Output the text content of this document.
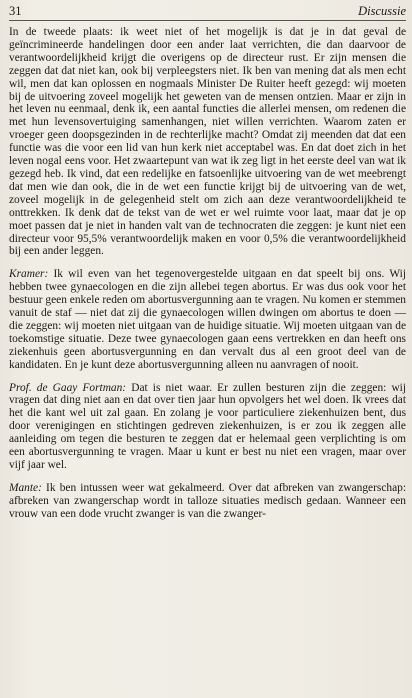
31	Discussie

In de tweede plaats: ik weet niet of het mogelijk is dat je in dat geval de geïncrimineerde handelingen door een ander laat verrichten, die dan daarvoor de verantwoordelijkheid krijgt die overigens op de directeur rust. Er zijn mensen die zeggen dat dat niet kan, ook bij verpleegsters niet. Ik ben van mening dat als men echt wil, men dat kan oplossen en nogmaals Minister De Ruiter heeft gezegd: wij moeten bij de uitvoering zoveel mogelijk het geweten van de mensen ontzien. Maar er zijn in het leven nu eenmaal, denk ik, een aantal functies die allerlei mensen, om redenen die met hun levensovertuiging samenhangen, niet willen verrichten. Waarom zaten er vroeger geen doopsgezinden in de rechterlijke macht? Omdat zij meenden dat dat een functie was die voor een lid van hun kerk niet acceptabel was. En dat doet zich in het leven nogal eens voor. Het zwaartepunt van wat ik zeg ligt in het eerste deel van wat ik gezegd heb. Ik vind, dat een redelijke en fatsoenlijke uitvoering van de wet meebrengt dat men wie dan ook, die in de wet een functie krijgt bij de uitvoering van de wet, zoveel mogelijk in de gelegenheid stelt om zich aan deze verantwoordelijkheid te onttrekken. Ik denk dat de tekst van de wet er wel ruimte voor laat, maar dat je op moet passen dat je niet in handen valt van de technocraten die zeggen: je kunt niet een directeur voor 95,5% verantwoordelijk maken en voor 0,5% die verantwoordelijkheid bij een ander leggen.

Kramer: Ik wil even van het tegenovergestelde uitgaan en dat speelt bij ons. Wij hebben twee gynaecologen en die zijn allebei tegen abortus. Er was dus ook voor het bestuur geen enkele reden om abortusvergunning aan te vragen. Nu komen er stemmen vanuit de staf — niet dat zij die gynaecologen willen dwingen om abortus te doen — die zeggen: wij moeten niet uitgaan van de huidige situatie. Wij moeten uitgaan van de toekomstige situatie. Deze twee gynaecologen gaan eens vertrekken en dan heeft ons ziekenhuis geen abortusvergunning en dan vervalt dus al een groot deel van de kandidaten. En je kunt deze abortusvergunning alleen nu aanvragen of nooit.

Prof. de Gaay Fortman: Dat is niet waar. Er zullen besturen zijn die zeggen: wij vragen dat ding niet aan en dat over tien jaar hun opvolgers het wel doen. Ik vrees dat het die kant wel uit zal gaan. En zolang je voor particuliere ziekenhuizen bent, dus door verenigingen en stichtingen gedreven ziekenhuizen, is er zou ik zeggen alle aanleiding om tegen die besturen te zeggen dat er helemaal geen verplichting is om een abortusvergunning te vragen. Maar u kunt er best nu niet een vragen, maar over vijf jaar wel.

Mante: Ik ben intussen weer wat gekalmeerd. Over dat afbreken van zwangerschap: afbreken van zwangerschap wordt in talloze situaties medisch gedaan. Wanneer een vrouw van een dode vrucht zwanger is van die zwanger-
